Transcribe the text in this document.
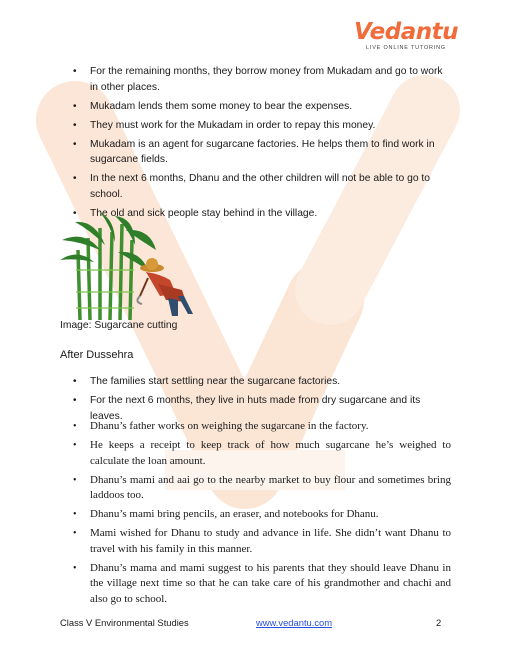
Vedantu
LIVE ONLINE TUTORING
• For the remaining months, they borrow money from Mukadam and go to work in other places.
• Mukadam lends them some money to bear the expenses.
• They must work for the Mukadam in order to repay this money.
• Mukadam is an agent for sugarcane factories. He helps them to find work in sugarcane fields.
• In the next 6 months, Dhanu and the other children will not be able to go to school.
• The old and sick people stay behind in the village.
Image: Sugarcane cutting
After Dussehra
• The families start settling near the sugarcane factories.
• For the next 6 months, they live in huts made from dry sugarcane and its leaves.
• Dhanu’s father works on weighing the sugarcane in the factory.
• He keeps a receipt to keep track of how much sugarcane he’s weighed to calculate the loan amount.
• Dhanu’s mami and aai go to the nearby market to buy flour and sometimes bring laddoos too.
• Dhanu’s mami bring pencils, an eraser, and notebooks for Dhanu.
• Mami wished for Dhanu to study and advance in life. She didn’t want Dhanu to travel with his family in this manner.
• Dhanu’s mama and mami suggest to his parents that they should leave Dhanu in the village next time so that he can take care of his grandmother and chachi and also go to school.
Class V Environmental Studies	www.vedantu.com	2
